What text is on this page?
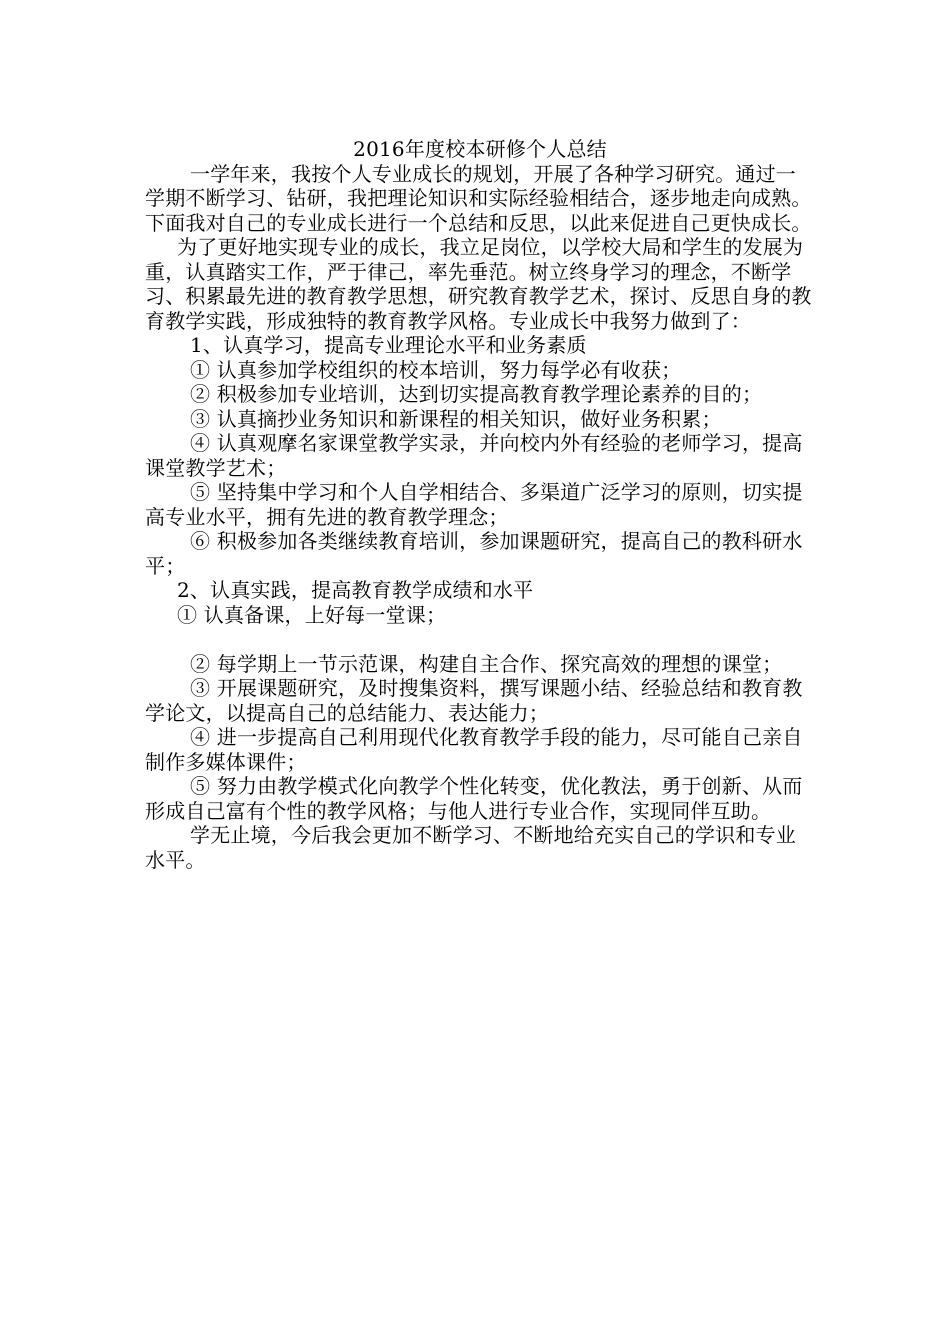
2016年度校本研修个人总结

一学年来，我按个人专业成长的规划，开展了各种学习研究。通过一学期不断学习、钻研，我把理论知识和实际经验相结合，逐步地走向成熟。下面我对自己的专业成长进行一个总结和反思，以此来促进自己更快成长。

为了更好地实现专业的成长，我立足岗位，以学校大局和学生的发展为重，认真踏实工作，严于律己，率先垂范。树立终身学习的理念，不断学习、积累最先进的教育教学思想，研究教育教学艺术，探讨、反思自身的教育教学实践，形成独特的教育教学风格。专业成长中我努力做到了：

1、认真学习，提高专业理论水平和业务素质

① 认真参加学校组织的校本培训，努力每学必有收获；

② 积极参加专业培训，达到切实提高教育教学理论素养的目的；

③ 认真摘抄业务知识和新课程的相关知识，做好业务积累；

④ 认真观摩名家课堂教学实录，并向校内外有经验的老师学习，提高课堂教学艺术；

⑤ 坚持集中学习和个人自学相结合、多渠道广泛学习的原则，切实提高专业水平，拥有先进的教育教学理念；

⑥ 积极参加各类继续教育培训，参加课题研究，提高自己的教科研水平；

2、认真实践，提高教育教学成绩和水平

① 认真备课，上好每一堂课；

② 每学期上一节示范课，构建自主合作、探究高效的理想的课堂；

③ 开展课题研究，及时搜集资料，撰写课题小结、经验总结和教育教学论文，以提高自己的总结能力、表达能力；

④ 进一步提高自己利用现代化教育教学手段的能力，尽可能自己亲自制作多媒体课件；

⑤ 努力由教学模式化向教学个性化转变，优化教法，勇于创新、从而形成自己富有个性的教学风格；与他人进行专业合作，实现同伴互助。

学无止境，今后我会更加不断学习、不断地给充实自己的学识和专业水平。
